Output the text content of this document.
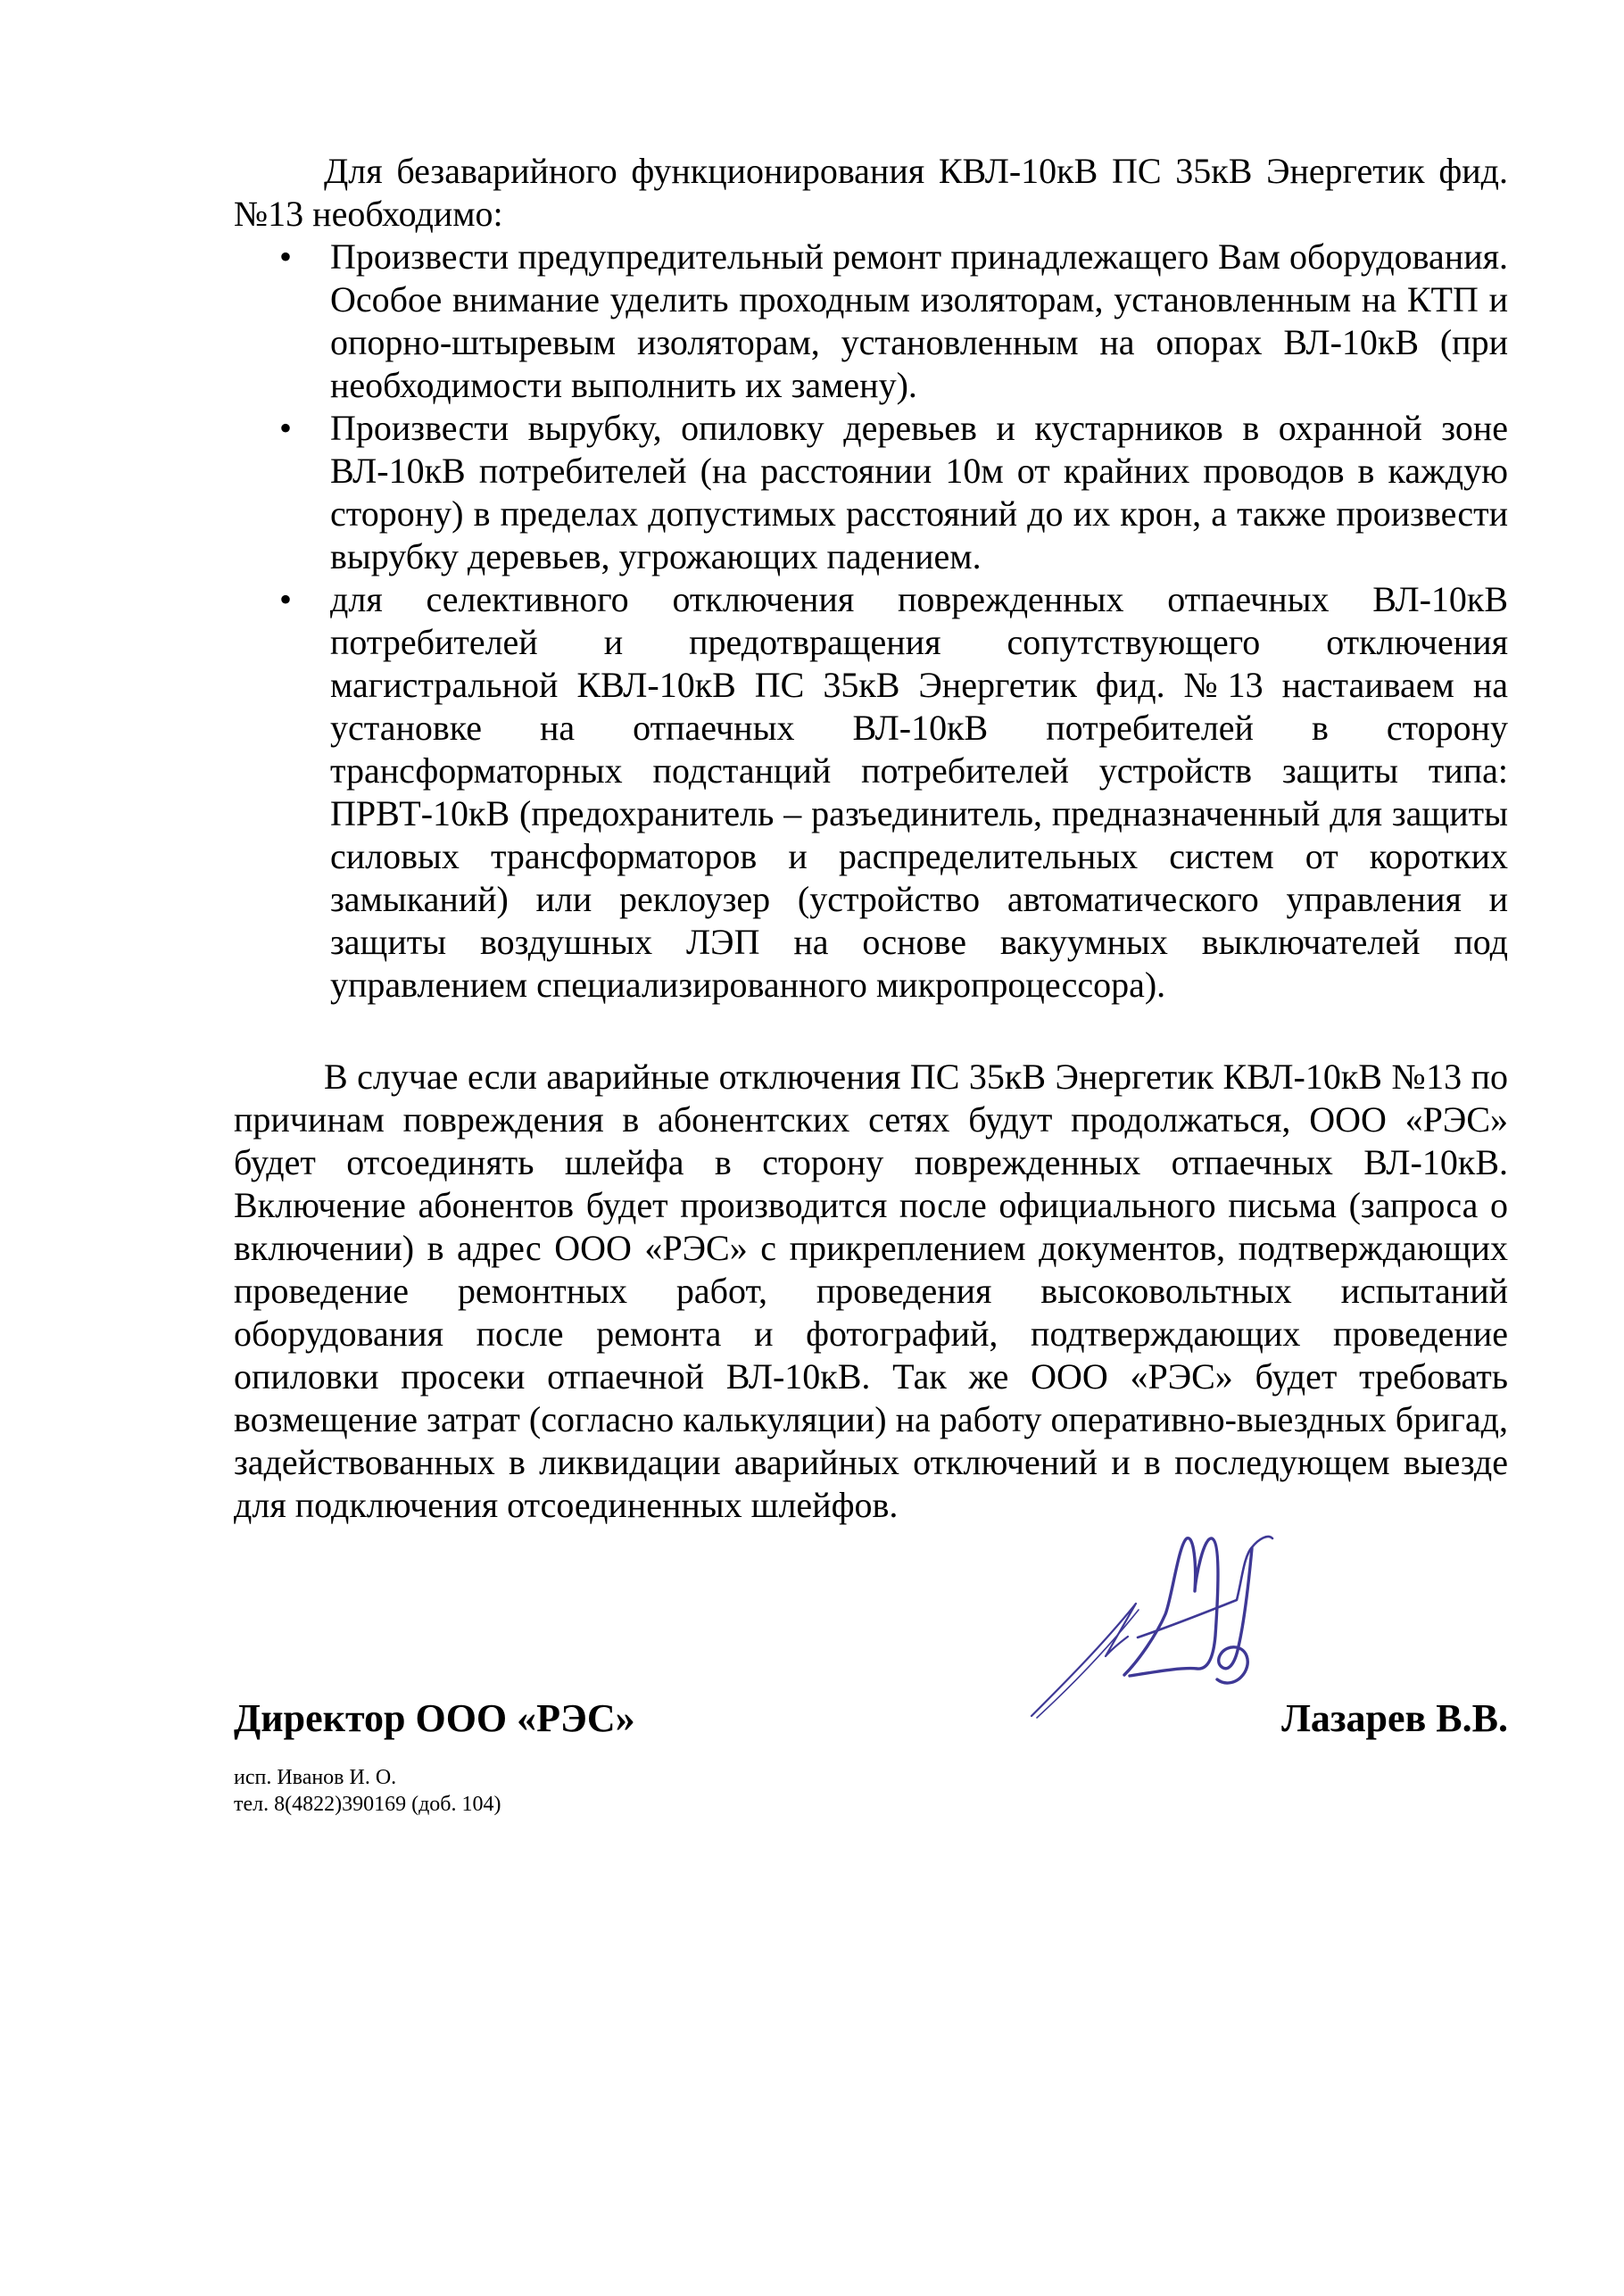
Для безаварийного функционирования КВЛ-10кВ ПС 35кВ Энергетик фид. №13 необходимо:

• Произвести предупредительный ремонт принадлежащего Вам оборудования. Особое внимание уделить проходным изоляторам, установленным на КТП и опорно-штыревым изоляторам, установленным на опорах ВЛ-10кВ (при необходимости выполнить их замену).
• Произвести вырубку, опиловку деревьев и кустарников в охранной зоне ВЛ-10кВ потребителей (на расстоянии 10м от крайних проводов в каждую сторону) в пределах допустимых расстояний до их крон, а также произвести вырубку деревьев, угрожающих падением.
• для селективного отключения поврежденных отпаечных ВЛ-10кВ потребителей и предотвращения сопутствующего отключения магистральной КВЛ-10кВ ПС 35кВ Энергетик фид. №13 настаиваем на установке на отпаечных ВЛ-10кВ потребителей в сторону трансформаторных подстанций потребителей устройств защиты типа: ПРВТ-10кВ (предохранитель – разъединитель, предназначенный для защиты силовых трансформаторов и распределительных систем от коротких замыканий) или реклоузер (устройство автоматического управления и защиты воздушных ЛЭП на основе вакуумных выключателей под управлением специализированного микропроцессора).

В случае если аварийные отключения ПС 35кВ Энергетик КВЛ-10кВ №13 по причинам повреждения в абонентских сетях будут продолжаться, ООО «РЭС» будет отсоединять шлейфа в сторону поврежденных отпаечных ВЛ-10кВ. Включение абонентов будет производится после официального письма (запроса о включении) в адрес ООО «РЭС» с прикреплением документов, подтверждающих проведение ремонтных работ, проведения высоковольтных испытаний оборудования после ремонта и фотографий, подтверждающих проведение опиловки просеки отпаечной ВЛ-10кВ. Так же ООО «РЭС» будет требовать возмещение затрат (согласно калькуляции) на работу оперативно-выездных бригад, задействованных в ликвидации аварийных отключений и в последующем выезде для подключения отсоединенных шлейфов.

Директор ООО «РЭС»	Лазарев В.В.
исп. Иванов И. О.
тел. 8(4822)390169 (доб. 104)
